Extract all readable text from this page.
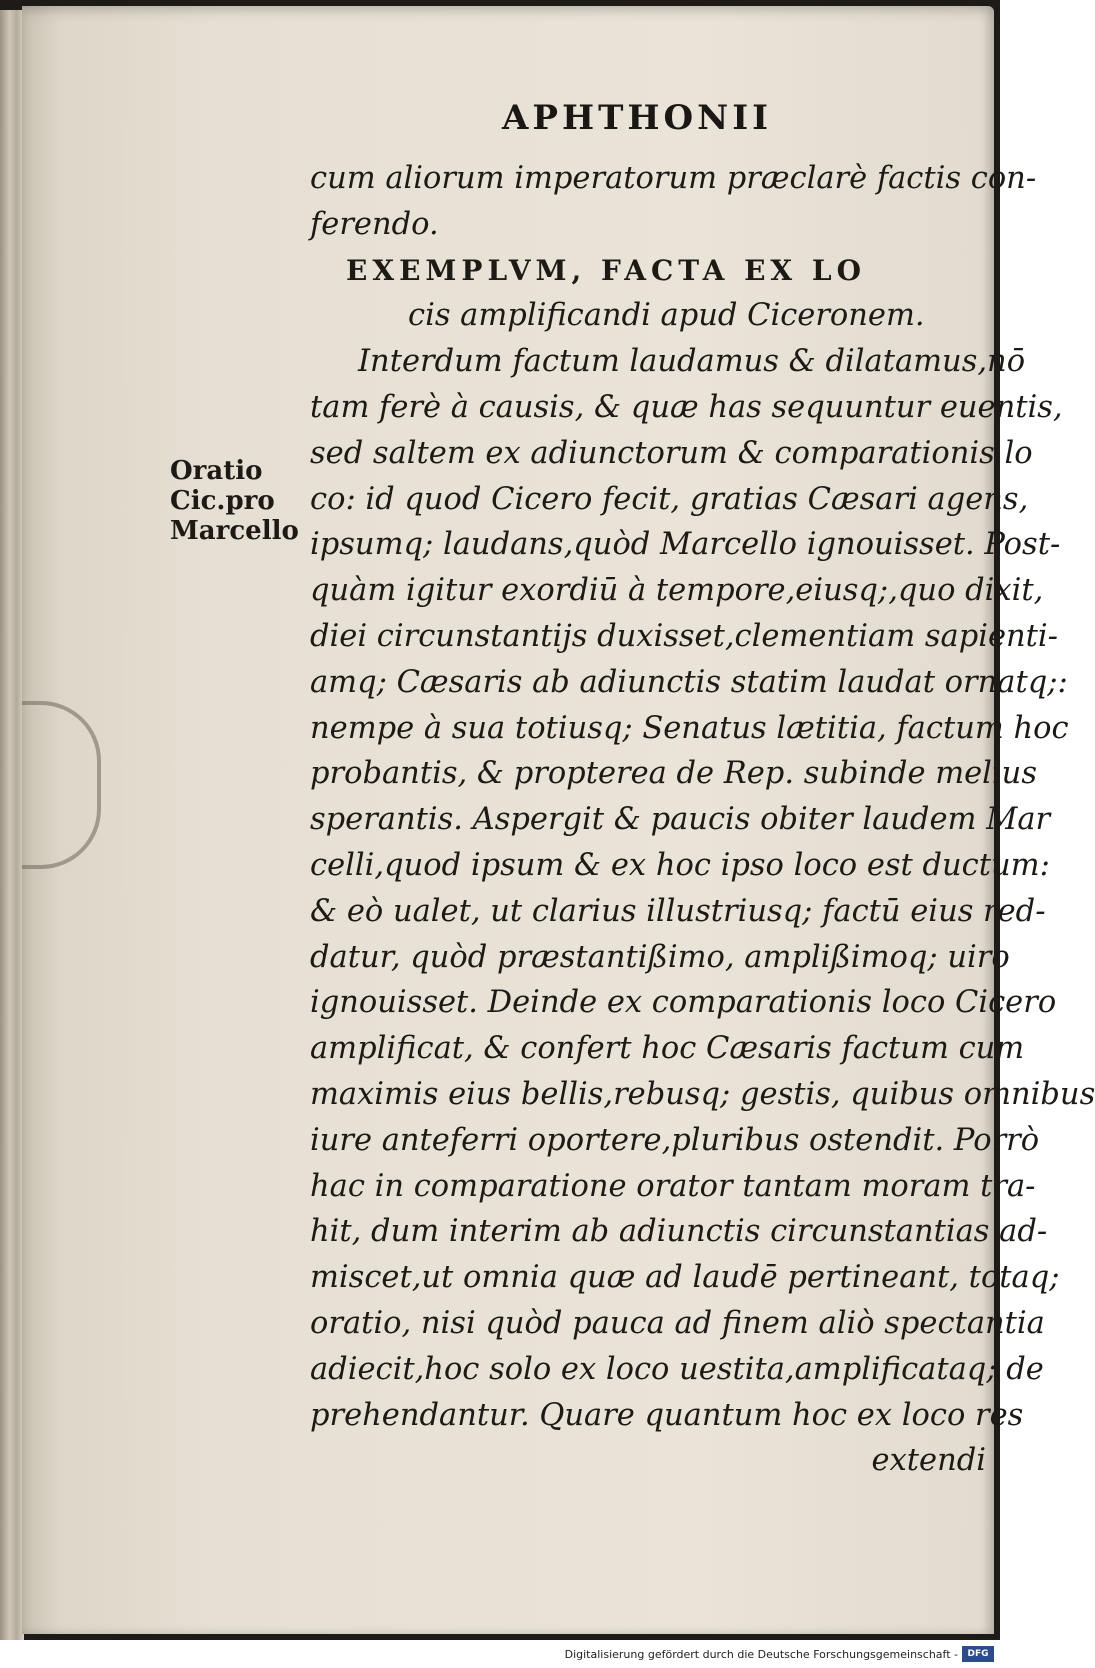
APHTHONII
Oratio
Cic.pro
Marcello
cum aliorum imperatorum præclarè factis con-
ferendo.
EXEMPLVM, FACTA EX LO
cis amplificandi apud Ciceronem.
Interdum factum laudamus & dilatamus,nō
tam ferè à causis, & quæ has sequuntur euentis,
sed saltem ex adiunctorum & comparationis lo
co: id quod Cicero fecit, gratias Cæsari agens,
ipsumq; laudans,quòd Marcello ignouisset. Post-
quàm igitur exordiū à tempore,eiusq;,quo dixit,
diei circunstantijs duxisset,clementiam sapienti-
amq; Cæsaris ab adiunctis statim laudat ornatq;:
nempe à sua totiusq; Senatus lætitia, factum hoc
probantis, & propterea de Rep. subinde melius
sperantis. Aspergit & paucis obiter laudem Mar
celli,quod ipsum & ex hoc ipso loco est ductum:
& eò ualet, ut clarius illustriusq; factū eius red-
datur, quòd præstantißimo, amplißimoq; uiro
ignouisset. Deinde ex comparationis loco Cicero
amplificat, & confert hoc Cæsaris factum cum
maximis eius bellis,rebusq; gestis, quibus omnibus
iure anteferri oportere,pluribus ostendit. Porrò
hac in comparatione orator tantam moram tra-
hit, dum interim ab adiunctis circunstantias ad-
miscet,ut omnia quæ ad laudē pertineant, totaq;
oratio, nisi quòd pauca ad finem aliò spectantia
adiecit,hoc solo ex loco uestita,amplificataq; de
prehendantur. Quare quantum hoc ex loco res
extendi
Digitalisierung gefördert durch die Deutsche Forschungsgemeinschaft -	DFG
